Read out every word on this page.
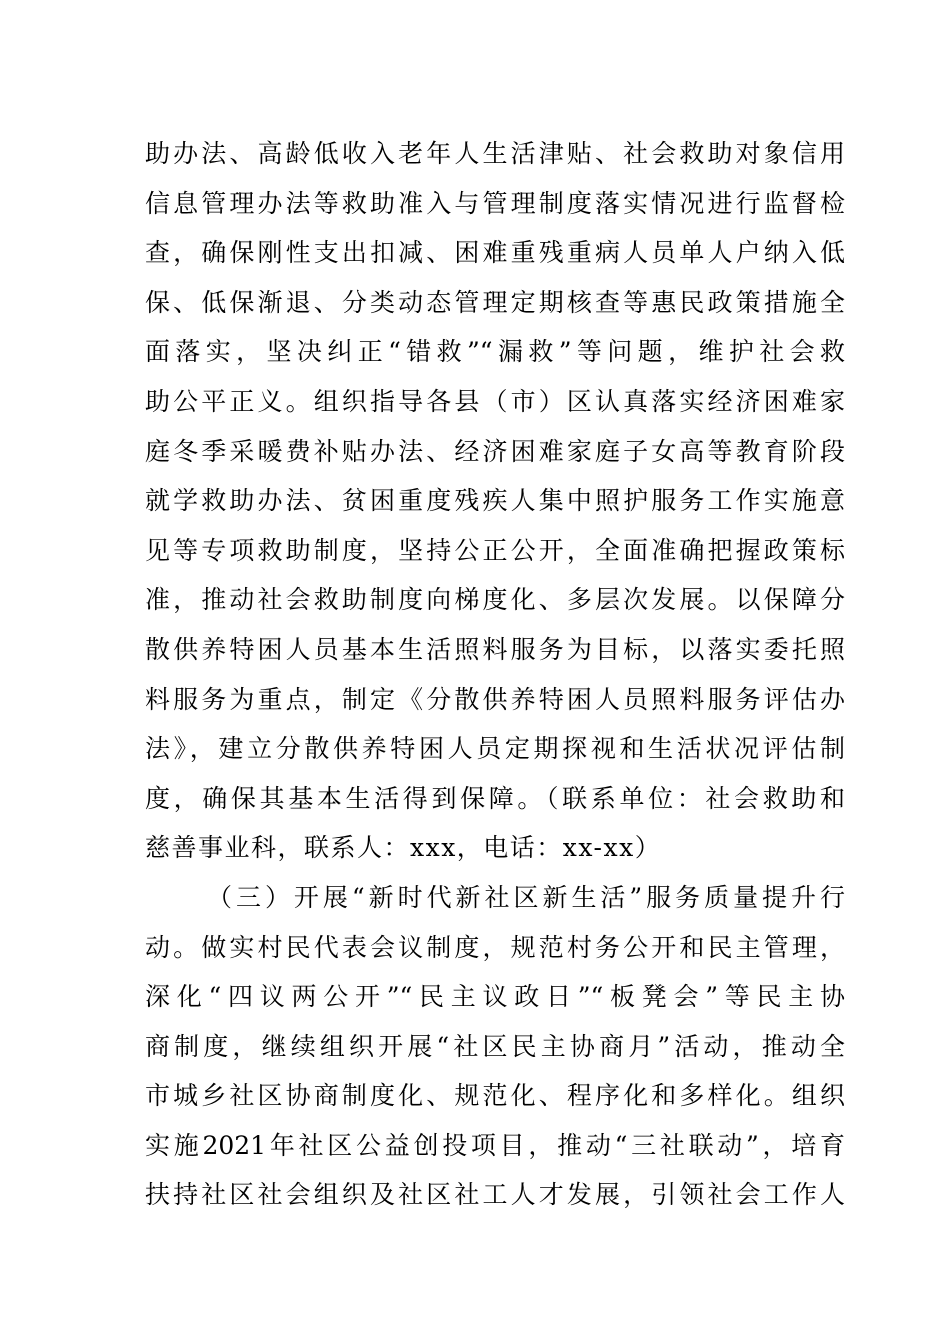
助办法、高龄低收入老年人生活津贴、社会救助对象信用
信息管理办法等救助准入与管理制度落实情况进行监督检
查，确保刚性支出扣减、困难重残重病人员单人户纳入低
保、低保渐退、分类动态管理定期核查等惠民政策措施全
面落实，坚决纠正“错救”“漏救”等问题，维护社会救
助公平正义。组织指导各县（市）区认真落实经济困难家
庭冬季采暖费补贴办法、经济困难家庭子女高等教育阶段
就学救助办法、贫困重度残疾人集中照护服务工作实施意
见等专项救助制度，坚持公正公开，全面准确把握政策标
准，推动社会救助制度向梯度化、多层次发展。以保障分
散供养特困人员基本生活照料服务为目标，以落实委托照
料服务为重点，制定《分散供养特困人员照料服务评估办
法》，建立分散供养特困人员定期探视和生活状况评估制
度，确保其基本生活得到保障。（联系单位：社会救助和
慈善事业科，联系人：xxx，电话：xx-xx）
（三）开展“新时代新社区新生活”服务质量提升行
动。做实村民代表会议制度，规范村务公开和民主管理，
深化“四议两公开”“民主议政日”“板凳会”等民主协
商制度，继续组织开展“社区民主协商月”活动，推动全
市城乡社区协商制度化、规范化、程序化和多样化。组织
实施2021年社区公益创投项目，推动“三社联动”，培育
扶持社区社会组织及社区社工人才发展，引领社会工作人
